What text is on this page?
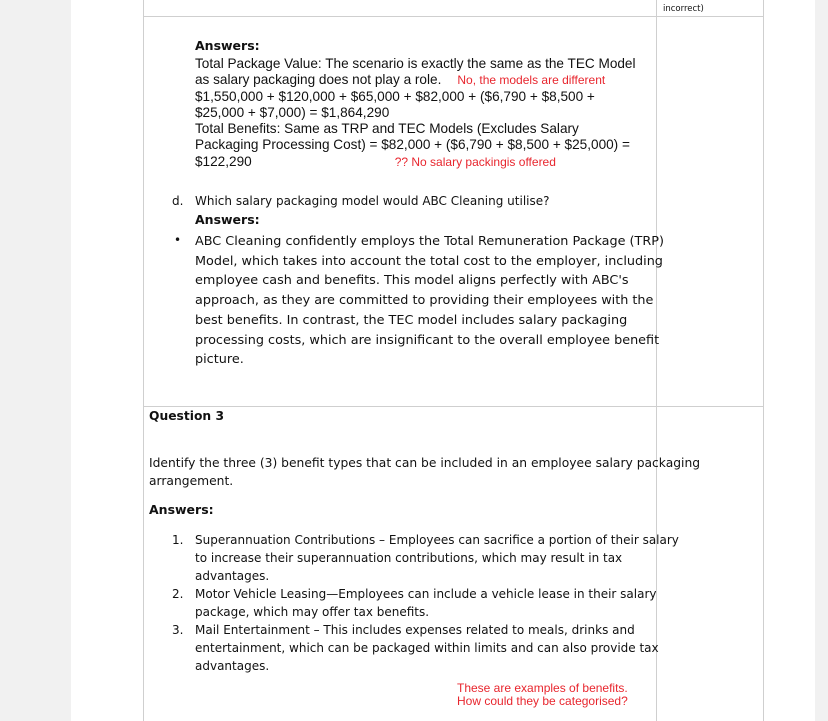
incorrect)
Answers:
Total Package Value: The scenario is exactly the same as the TEC Model
as salary packaging does not play a role. No, the models are different
$1,550,000 + $120,000 + $65,000 + $82,000 + ($6,790 + $8,500 +
$25,000 + $7,000) = $1,864,290
Total Benefits: Same as TRP and TEC Models (Excludes Salary
Packaging Processing Cost) = $82,000 + ($6,790 + $8,500 + $25,000) =
$122,290	?? No salary packingis offered
d. Which salary packaging model would ABC Cleaning utilise?
Answers:
• ABC Cleaning confidently employs the Total Remuneration Package (TRP)
Model, which takes into account the total cost to the employer, including
employee cash and benefits. This model aligns perfectly with ABC's
approach, as they are committed to providing their employees with the
best benefits. In contrast, the TEC model includes salary packaging
processing costs, which are insignificant to the overall employee benefit
picture.
Question 3
Identify the three (3) benefit types that can be included in an employee salary packaging
arrangement.
Answers:
1. Superannuation Contributions – Employees can sacrifice a portion of their salary
to increase their superannuation contributions, which may result in tax
advantages.
2. Motor Vehicle Leasing—Employees can include a vehicle lease in their salary
package, which may offer tax benefits.
3. Mail Entertainment – This includes expenses related to meals, drinks and
entertainment, which can be packaged within limits and can also provide tax
advantages.
These are examples of benefits.
How could they be categorised?
